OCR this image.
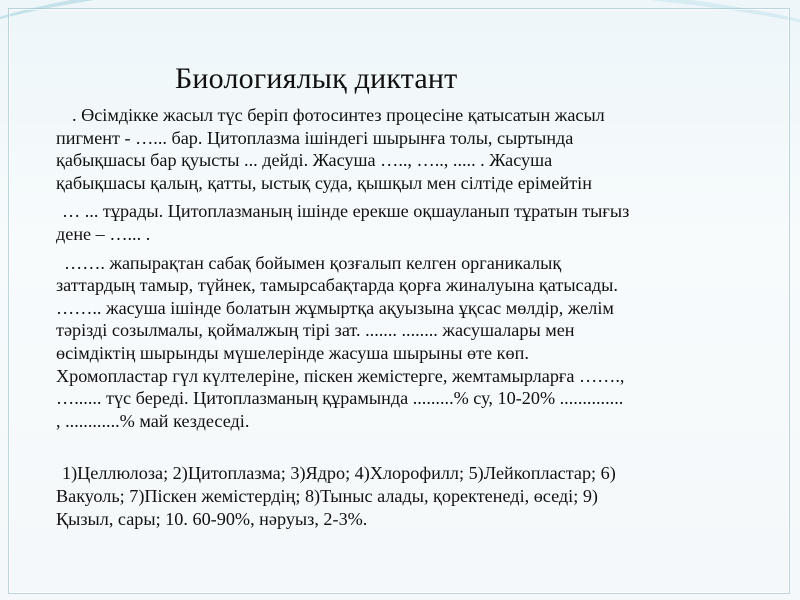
Биологиялық диктант

. Өсімдікке жасыл түс беріп фотосинтез процесіне қатысатын жасыл

пигмент - …... бар. Цитоплазма ішіндегі шырынға толы, сыртында

қабықшасы бар қуысты ... дейді. Жасуша ….., ….., ..... . Жасуша

қабықшасы қалың, қатты, ыстық суда, қышқыл мен сілтіде ерімейтін

… ... тұрады. Цитоплазманың ішінде ерекше оқшауланып тұратын тығыз

дене – …... .

……. жапырақтан сабақ бойымен қозғалып келген органикалық

заттардың тамыр, түйнек, тамырсабақтарда қорға жиналуына қатысады.

…….. жасуша ішінде болатын жұмыртқа ақуызына ұқсас мөлдір, желім

тәрізді созылмалы, қоймалжың тірі зат. ....... ........ жасушалары мен

өсімдіктің шырынды мүшелерінде жасуша шырыны өте көп.

Хромопластар гүл күлтелеріне, піскен жемістерге, жемтамырларға …….,

…...... түс береді. Цитоплазманың құрамында .........% су, 10-20% ..............

, ............% май кездеседі.

1)Целлюлоза; 2)Цитоплазма; 3)Ядро; 4)Хлорофилл; 5)Лейкопластар; 6)

Вакуоль; 7)Піскен жемістердің; 8)Тыныс алады, қоректенеді, өседі; 9)

Қызыл, сары; 10. 60-90%, нәруыз, 2-3%.
